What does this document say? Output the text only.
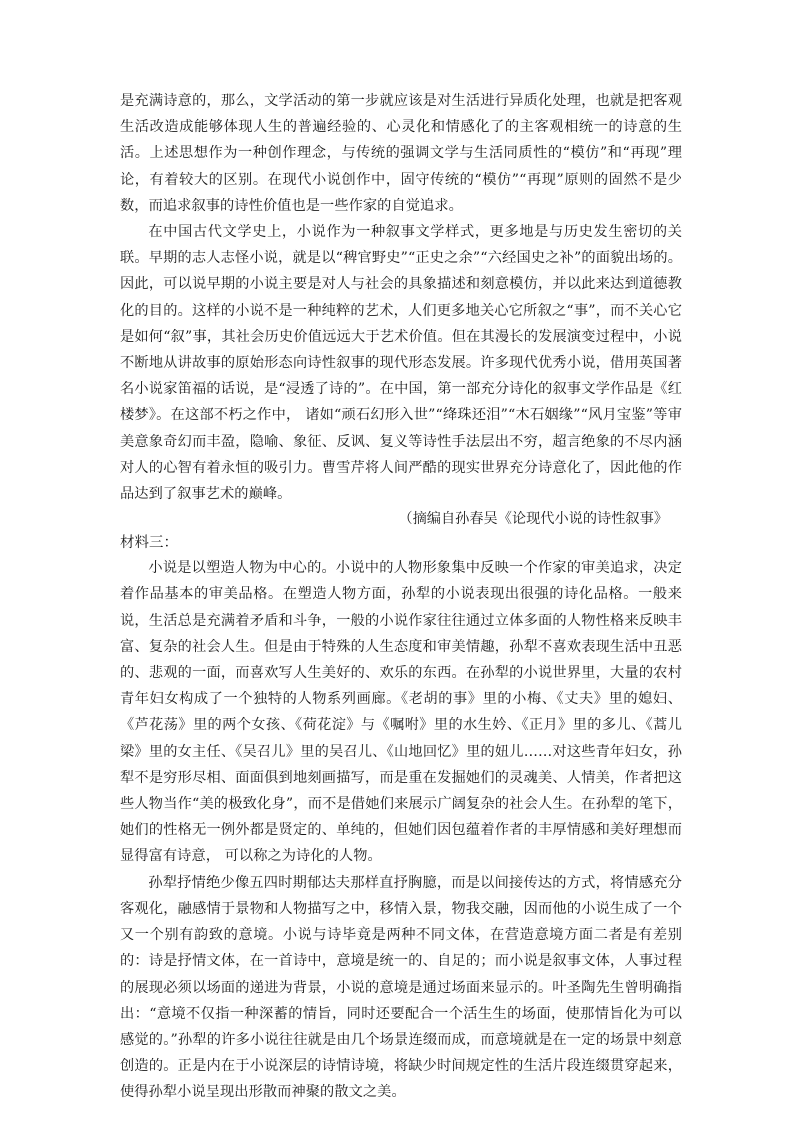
是充满诗意的，那么，文学活动的第一步就应该是对生活进行异质化处理，也就是把客观生活改造成能够体现人生的普遍经验的、心灵化和情感化了的主客观相统一的诗意的生活。上述思想作为一种创作理念，与传统的强调文学与生活同质性的“模仿”和“再现”理论，有着较大的区别。在现代小说创作中，固守传统的“模仿”“再现”原则的固然不是少数，而追求叙事的诗性价值也是一些作家的自觉追求。

在中国古代文学史上，小说作为一种叙事文学样式，更多地是与历史发生密切的关联。早期的志人志怪小说，就是以“稗官野史”“正史之余”“六经国史之补”的面貌出场的。因此，可以说早期的小说主要是对人与社会的具象描述和刻意模仿，并以此来达到道德教化的目的。这样的小说不是一种纯粹的艺术，人们更多地关心它所叙之“事”，而不关心它是如何“叙”事，其社会历史价值远远大于艺术价值。但在其漫长的发展演变过程中，小说不断地从讲故事的原始形态向诗性叙事的现代形态发展。许多现代优秀小说，借用英国著名小说家笛福的话说，是“浸透了诗的”。在中国，第一部充分诗化的叙事文学作品是《红楼梦》。在这部不朽之作中， 诸如“顽石幻形入世”“绛珠还泪”“木石姻缘”“风月宝鉴”等审美意象奇幻而丰盈，隐喻、象征、反讽、复义等诗性手法层出不穷，超言绝象的不尽内涵对人的心智有着永恒的吸引力。曹雪芹将人间严酷的现实世界充分诗意化了，因此他的作品达到了叙事艺术的巅峰。

（摘编自孙春吴《论现代小说的诗性叙事》

材料三：

小说是以塑造人物为中心的。小说中的人物形象集中反映一个作家的审美追求，决定着作品基本的审美品格。在塑造人物方面，孙犁的小说表现出很强的诗化品格。一般来说，生活总是充满着矛盾和斗争，一般的小说作家往往通过立体多面的人物性格来反映丰富、复杂的社会人生。但是由于特殊的人生态度和审美情趣，孙犁不喜欢表现生活中丑恶的、悲观的一面，而喜欢写人生美好的、欢乐的东西。在孙犁的小说世界里，大量的农村青年妇女构成了一个独特的人物系列画廊。《老胡的事》里的小梅、《丈夫》里的媳妇、《芦花荡》里的两个女孩、《荷花淀》与《嘱咐》里的水生妗、《正月》里的多儿、《蒿儿梁》里的女主任、《吴召儿》里的吴召儿、《山地回忆》里的妞儿……对这些青年妇女，孙犁不是穷形尽相、面面俱到地刻画描写，而是重在发掘她们的灵魂美、人情美，作者把这些人物当作“美的极致化身”，而不是借她们来展示广阔复杂的社会人生。在孙犁的笔下，她们的性格无一例外都是贤定的、单纯的，但她们因包蕴着作者的丰厚情感和美好理想而显得富有诗意， 可以称之为诗化的人物。

孙犁抒情绝少像五四时期郁达夫那样直抒胸臆，而是以间接传达的方式，将情感充分客观化，融感情于景物和人物描写之中，移情入景，物我交融，因而他的小说生成了一个又一个别有韵致的意境。小说与诗毕竟是两种不同文体，在营造意境方面二者是有差别的：诗是抒情文体，在一首诗中，意境是统一的、自足的；而小说是叙事文体，人事过程的展现必须以场面的递进为背景，小说的意境是通过场面来显示的。叶圣陶先生曾明确指出：“意境不仅指一种深蓄的情旨，同时还要配合一个活生生的场面，使那情旨化为可以感觉的。”孙犁的许多小说往往就是由几个场景连缀而成，而意境就是在一定的场景中刻意创造的。正是内在于小说深层的诗情诗境，将缺少时间规定性的生活片段连缀贯穿起来，使得孙犁小说呈现出形散而神聚的散文之美。
